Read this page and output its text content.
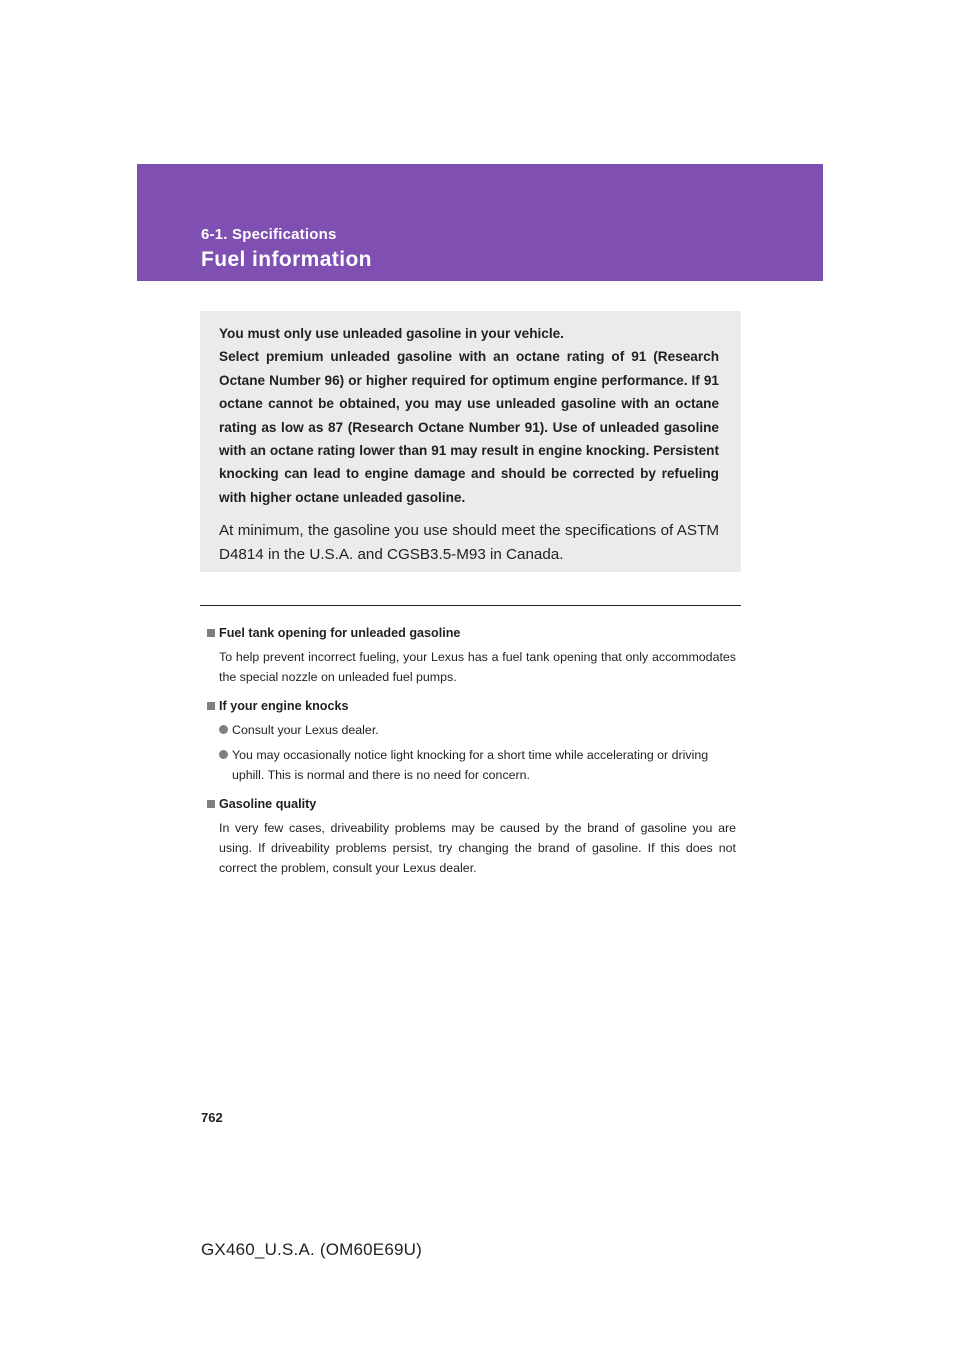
6-1. Specifications
Fuel information

You must only use unleaded gasoline in your vehicle.

Select premium unleaded gasoline with an octane rating of 91 (Research Octane Number 96) or higher required for optimum engine performance. If 91 octane cannot be obtained, you may use unleaded gasoline with an octane rating as low as 87 (Research Octane Number 91). Use of unleaded gasoline with an octane rating lower than 91 may result in engine knocking. Persistent knocking can lead to engine damage and should be corrected by refueling with higher octane unleaded gasoline.

At minimum, the gasoline you use should meet the specifications of ASTM D4814 in the U.S.A. and CGSB3.5-M93 in Canada.
Fuel tank opening for unleaded gasoline
To help prevent incorrect fueling, your Lexus has a fuel tank opening that only accommodates the special nozzle on unleaded fuel pumps.
If your engine knocks
Consult your Lexus dealer.
You may occasionally notice light knocking for a short time while accelerating or driving uphill. This is normal and there is no need for concern.
Gasoline quality
In very few cases, driveability problems may be caused by the brand of gasoline you are using. If driveability problems persist, try changing the brand of gasoline. If this does not correct the problem, consult your Lexus dealer.
762
GX460_U.S.A. (OM60E69U)
